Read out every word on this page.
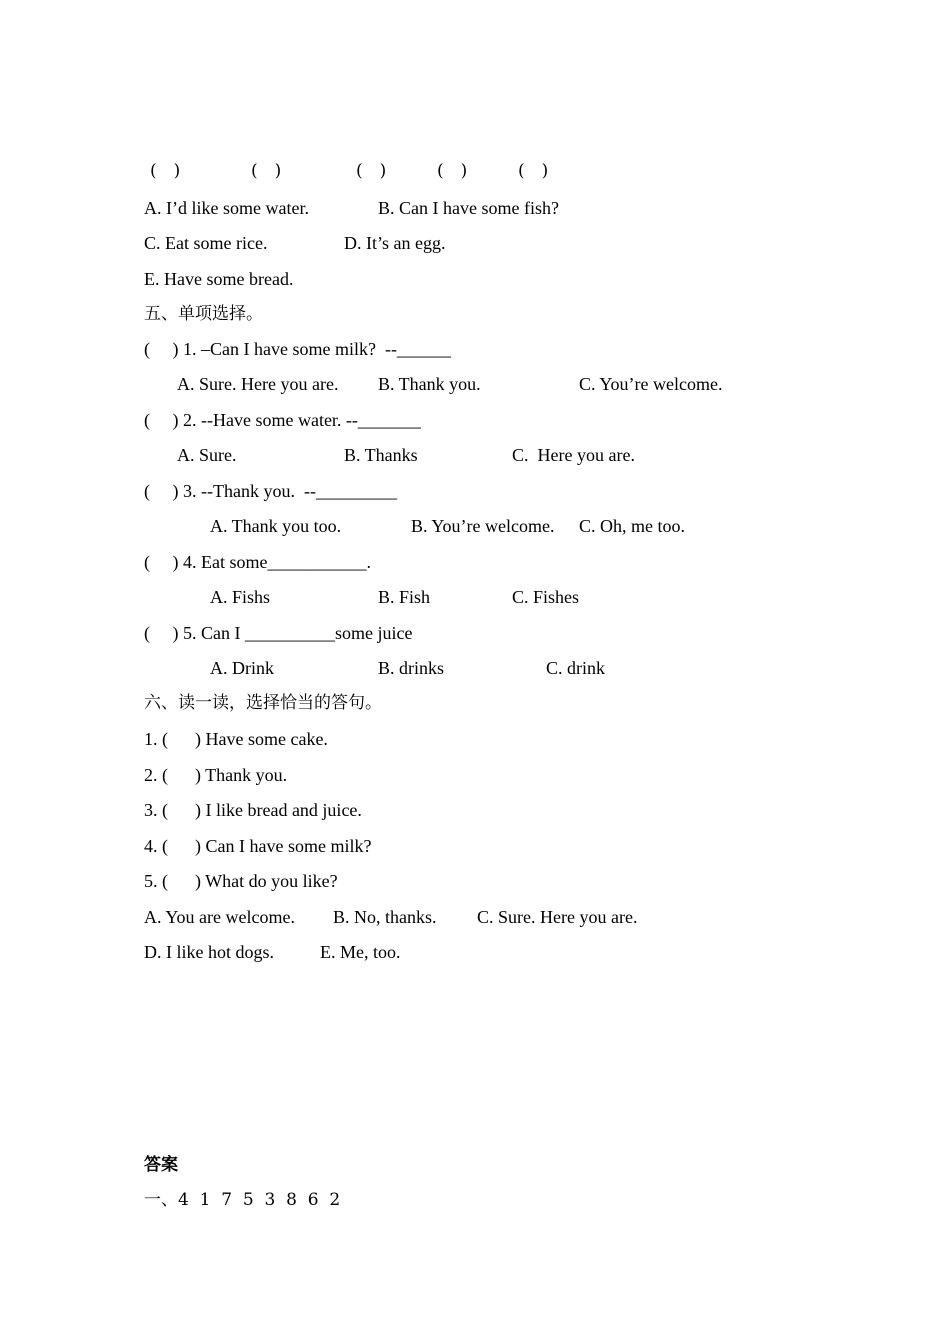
(　)	(　)	(　)	(　)	(　)
A. I’d like some water.	B. Can I have some fish?
C. Eat some rice.	D. It’s an egg.
E. Have some bread.
五、单项选择。
(     ) 1. –Can I have some milk?  --______
A. Sure. Here you are. B. Thank you.	C. You’re welcome.
(     ) 2. --Have some water. --_______
A. Sure.	B. Thanks	C.  Here you are.
(     ) 3. --Thank you.  --_________
A. Thank you too.	B. You’re welcome. C. Oh, me too.
(     ) 4. Eat some___________.
A. Fishs	B. Fish	C. Fishes
(     ) 5. Can I __________some juice
A. Drink	B. drinks	C. drink
六、读一读，选择恰当的答句。
1. (      ) Have some cake.
2. (      ) Thank you.
3. (      ) I like bread and juice.
4. (      ) Can I have some milk?
5. (      ) What do you like?
A. You are welcome. B. No, thanks. C. Sure. Here you are.
D. I like hot dogs.	E. Me, too.
答案
一、4  1  7  5  3  8  6  2
